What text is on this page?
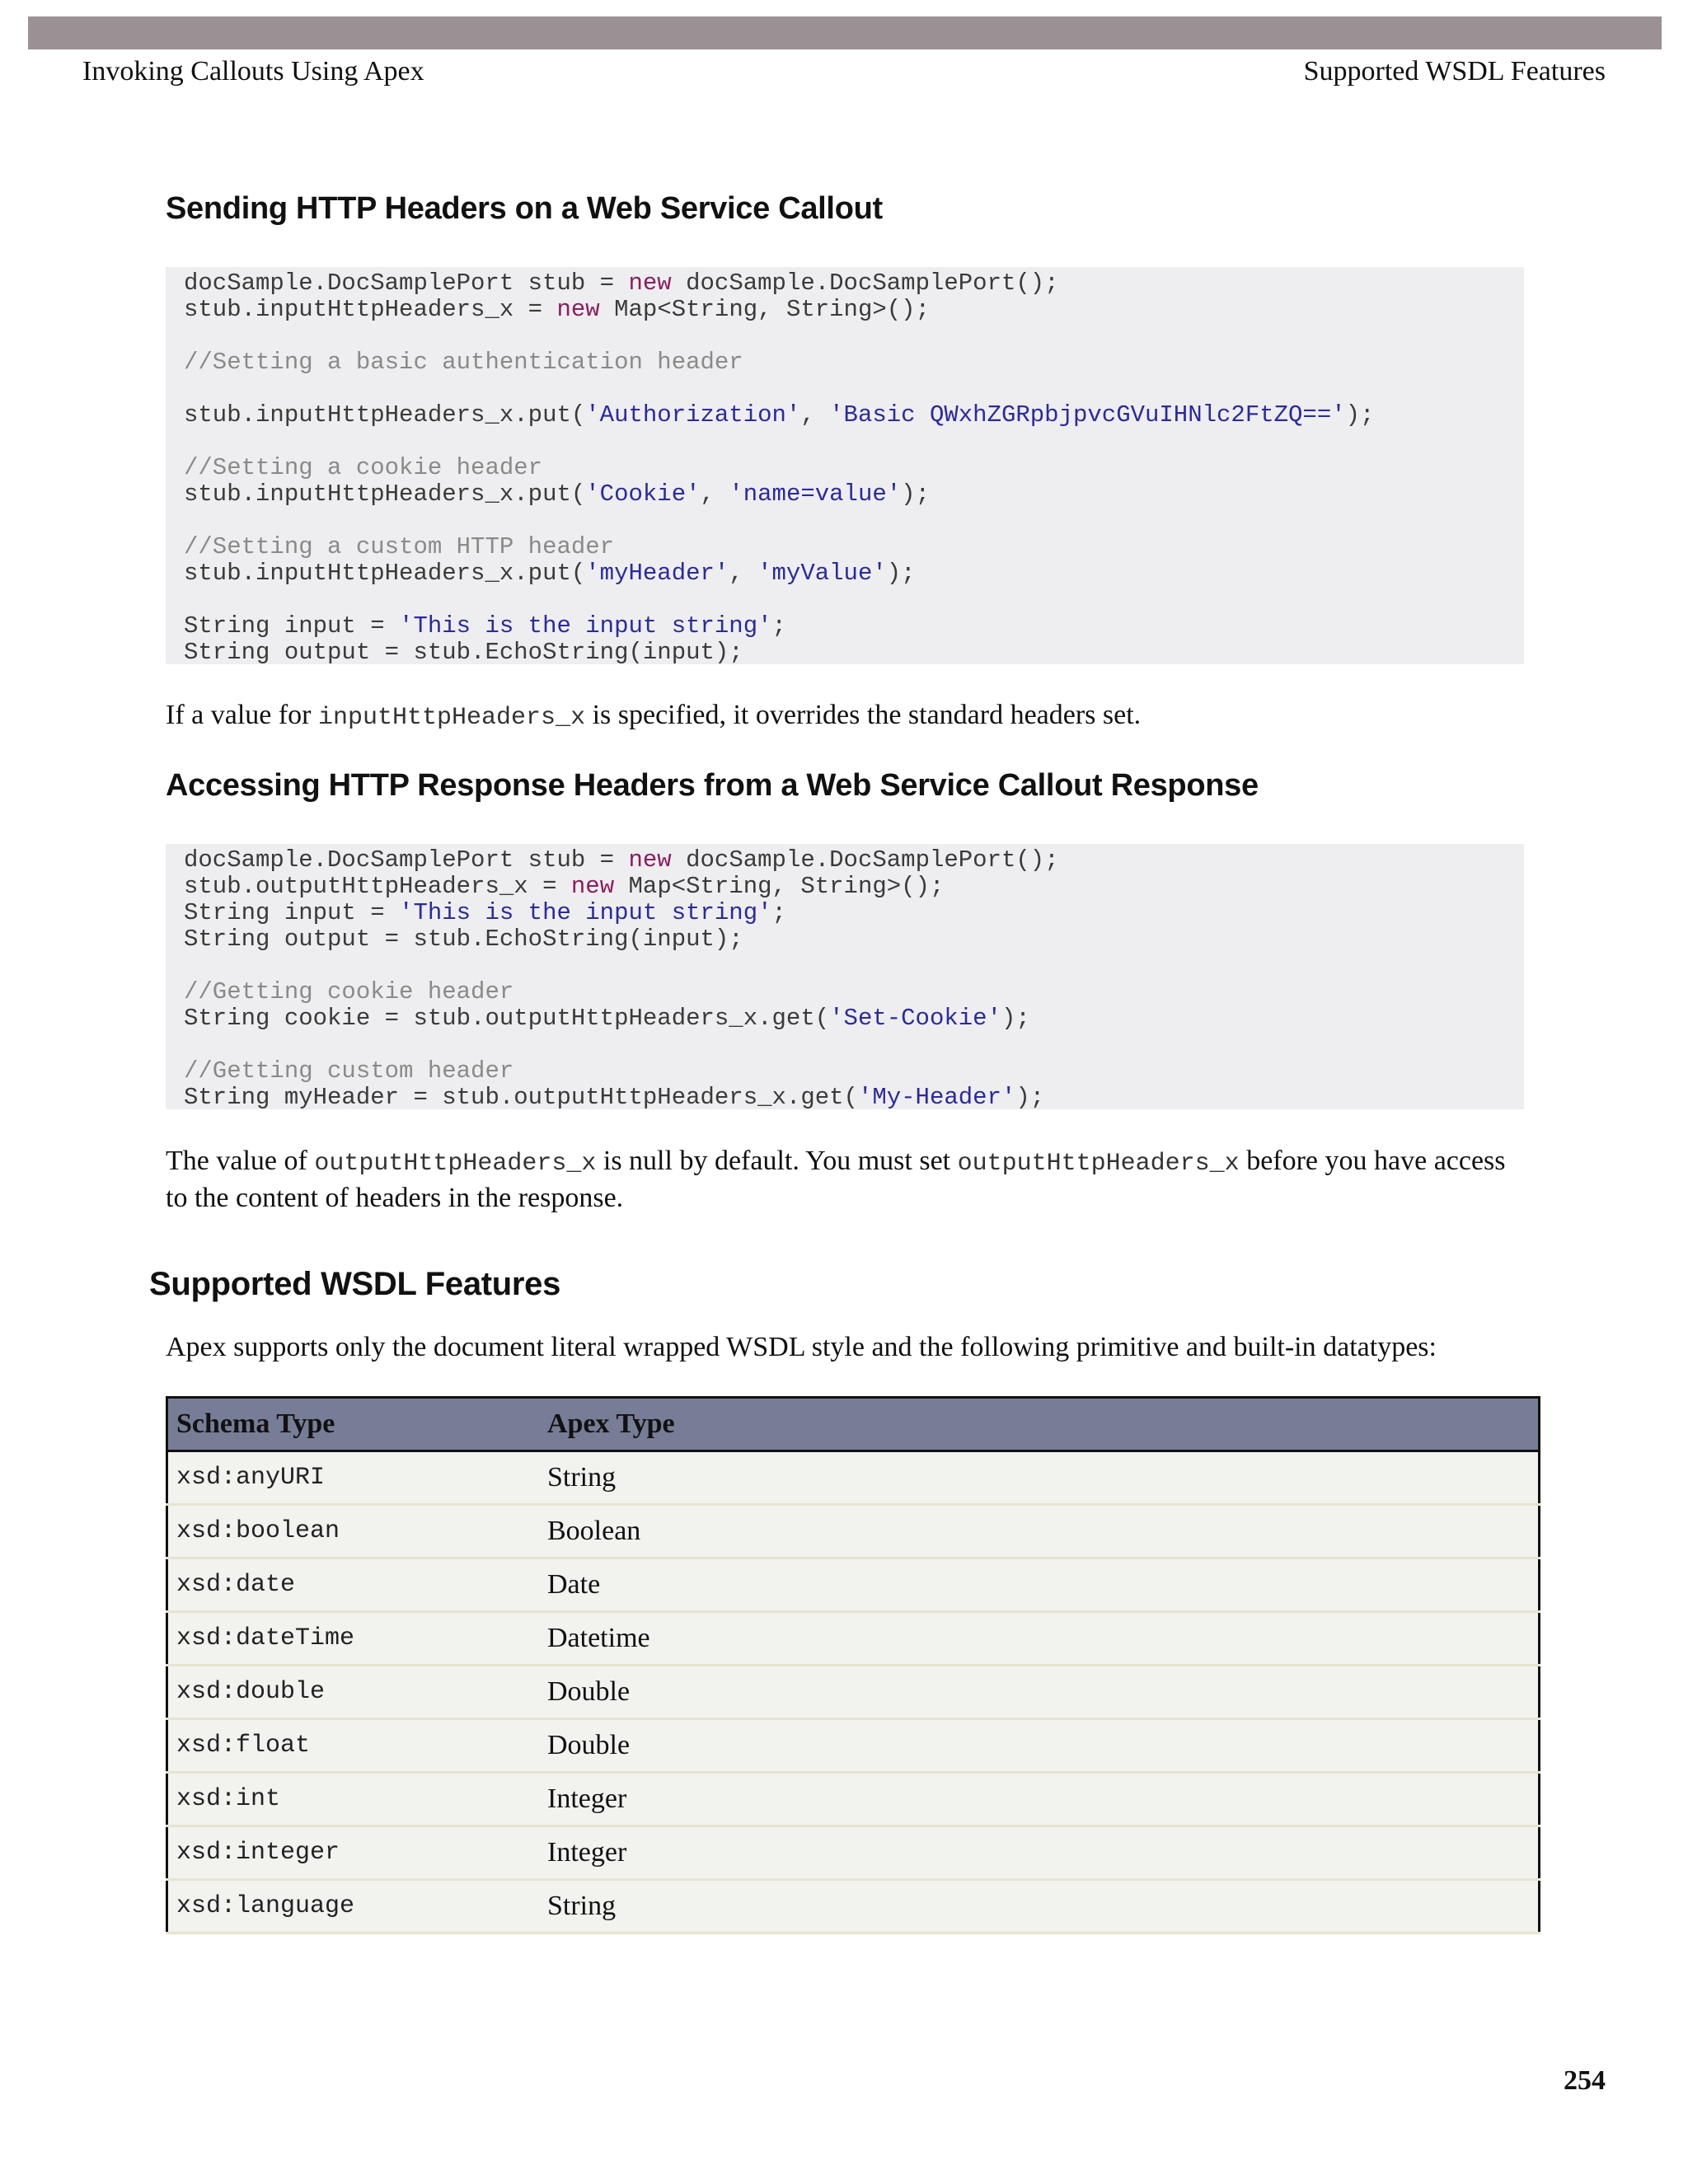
Invoking Callouts Using Apex	Supported WSDL Features
Sending HTTP Headers on a Web Service Callout
docSample.DocSamplePort stub = new docSample.DocSamplePort();
stub.inputHttpHeaders_x = new Map<String, String>();
//Setting a basic authentication header
stub.inputHttpHeaders_x.put('Authorization', 'Basic QWxhZGRpbjpvcGVuIHNlc2FtZQ==');
//Setting a cookie header
stub.inputHttpHeaders_x.put('Cookie', 'name=value');
//Setting a custom HTTP header
stub.inputHttpHeaders_x.put('myHeader', 'myValue');
String input = 'This is the input string';
String output = stub.EchoString(input);
If a value for inputHttpHeaders_x is specified, it overrides the standard headers set.
Accessing HTTP Response Headers from a Web Service Callout Response
docSample.DocSamplePort stub = new docSample.DocSamplePort();
stub.outputHttpHeaders_x = new Map<String, String>();
String input = 'This is the input string';
String output = stub.EchoString(input);
//Getting cookie header
String cookie = stub.outputHttpHeaders_x.get('Set-Cookie');
//Getting custom header
String myHeader = stub.outputHttpHeaders_x.get('My-Header');
The value of outputHttpHeaders_x is null by default. You must set outputHttpHeaders_x before you have access to the content of headers in the response.
Supported WSDL Features
Apex supports only the document literal wrapped WSDL style and the following primitive and built-in datatypes:
Schema Type	Apex Type
xsd:anyURI	String
xsd:boolean	Boolean
xsd:date	Date
xsd:dateTime	Datetime
xsd:double	Double
xsd:float	Double
xsd:int	Integer
xsd:integer	Integer
xsd:language	String
254
